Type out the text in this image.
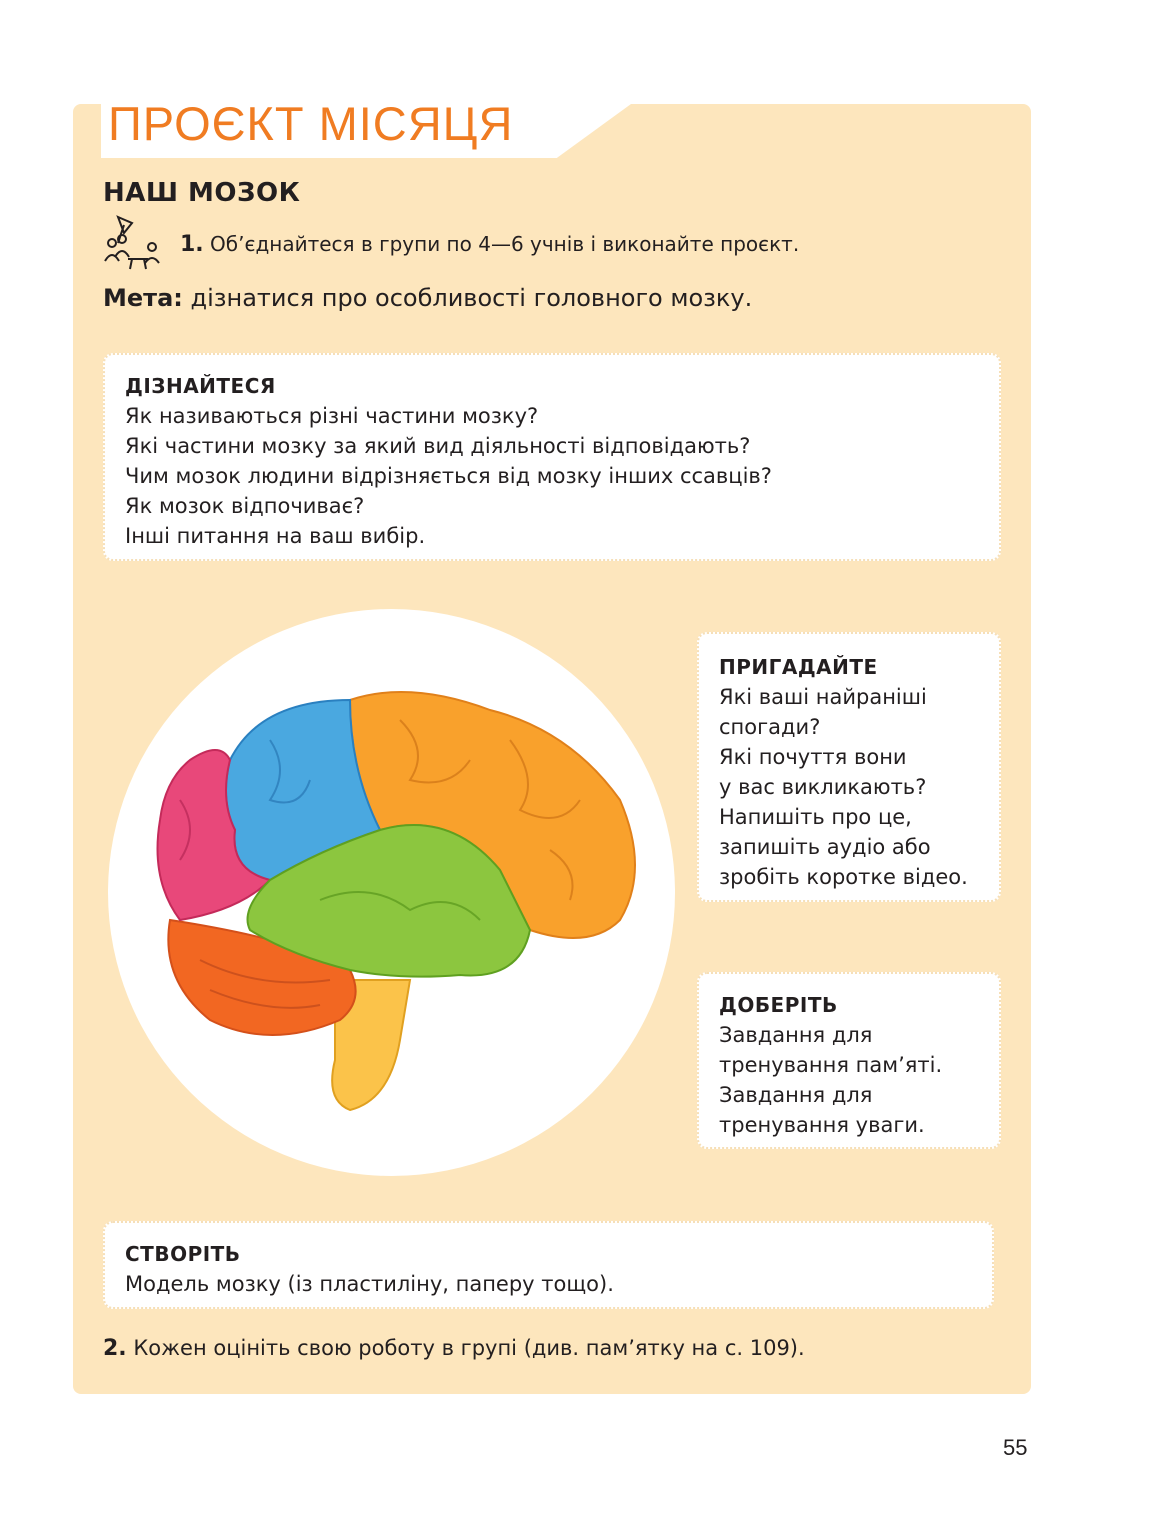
ПРОЄКТ МІСЯЦЯ
НАШ МОЗОК
1. Об’єднайтеся в групи по 4—6 учнів і виконайте проєкт.
Мета: дізнатися про особливості головного мозку.
ДІЗНАЙТЕСЯ
Як називаються різні частини мозку?
Які частини мозку за який вид діяльності відповідають?
Чим мозок людини відрізняється від мозку інших ссавців?
Як мозок відпочиває?
Інші питання на ваш вибір.
ПРИГАДАЙТЕ
Які ваші найраніші
спогади?
Які почуття вони
у вас викликають?
Напишіть про це,
запишіть аудіо або
зробіть коротке відео.
ДОБЕРІТЬ
Завдання для
тренування пам’яті.
Завдання для
тренування уваги.
СТВОРІТЬ
Модель мозку (із пластиліну, паперу тощо).
2. Кожен оцініть свою роботу в групі (див. пам’ятку на с. 109).
55
